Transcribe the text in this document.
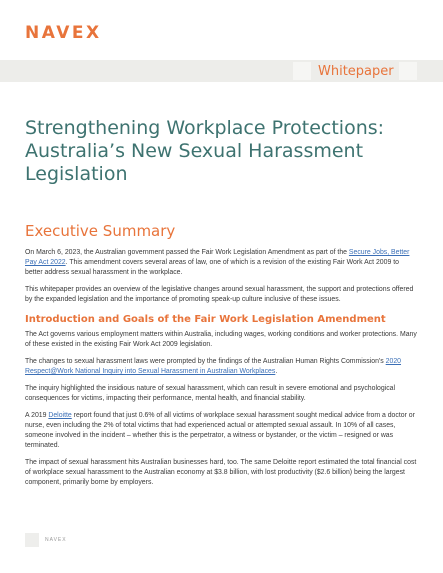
NAVEX
Whitepaper
Strengthening Workplace Protections: Australia’s New Sexual Harassment Legislation
Executive Summary

On March 6, 2023, the Australian government passed the Fair Work Legislation Amendment as part of the Secure Jobs, Better Pay Act 2022. This amendment covers several areas of law, one of which is a revision of the existing Fair Work Act 2009 to better address sexual harassment in the workplace.

This whitepaper provides an overview of the legislative changes around sexual harassment, the support and protections offered by the expanded legislation and the importance of promoting speak-up culture inclusive of these issues.

Introduction and Goals of the Fair Work Legislation Amendment

The Act governs various employment matters within Australia, including wages, working conditions and worker protections. Many of these existed in the existing Fair Work Act 2009 legislation.

The changes to sexual harassment laws were prompted by the findings of the Australian Human Rights Commission’s 2020 Respect@Work National Inquiry into Sexual Harassment in Australian Workplaces.

The inquiry highlighted the insidious nature of sexual harassment, which can result in severe emotional and psychological consequences for victims, impacting their performance, mental health, and financial stability.

A 2019 Deloitte report found that just 0.6% of all victims of workplace sexual harassment sought medical advice from a doctor or nurse, even including the 2% of total victims that had experienced actual or attempted sexual assault. In 10% of all cases, someone involved in the incident – whether this is the perpetrator, a witness or bystander, or the victim – resigned or was terminated.

The impact of sexual harassment hits Australian businesses hard, too. The same Deloitte report estimated the total financial cost of workplace sexual harassment to the Australian economy at $3.8 billion, with lost productivity ($2.6 billion) being the largest component, primarily borne by employers.

NAVEX
